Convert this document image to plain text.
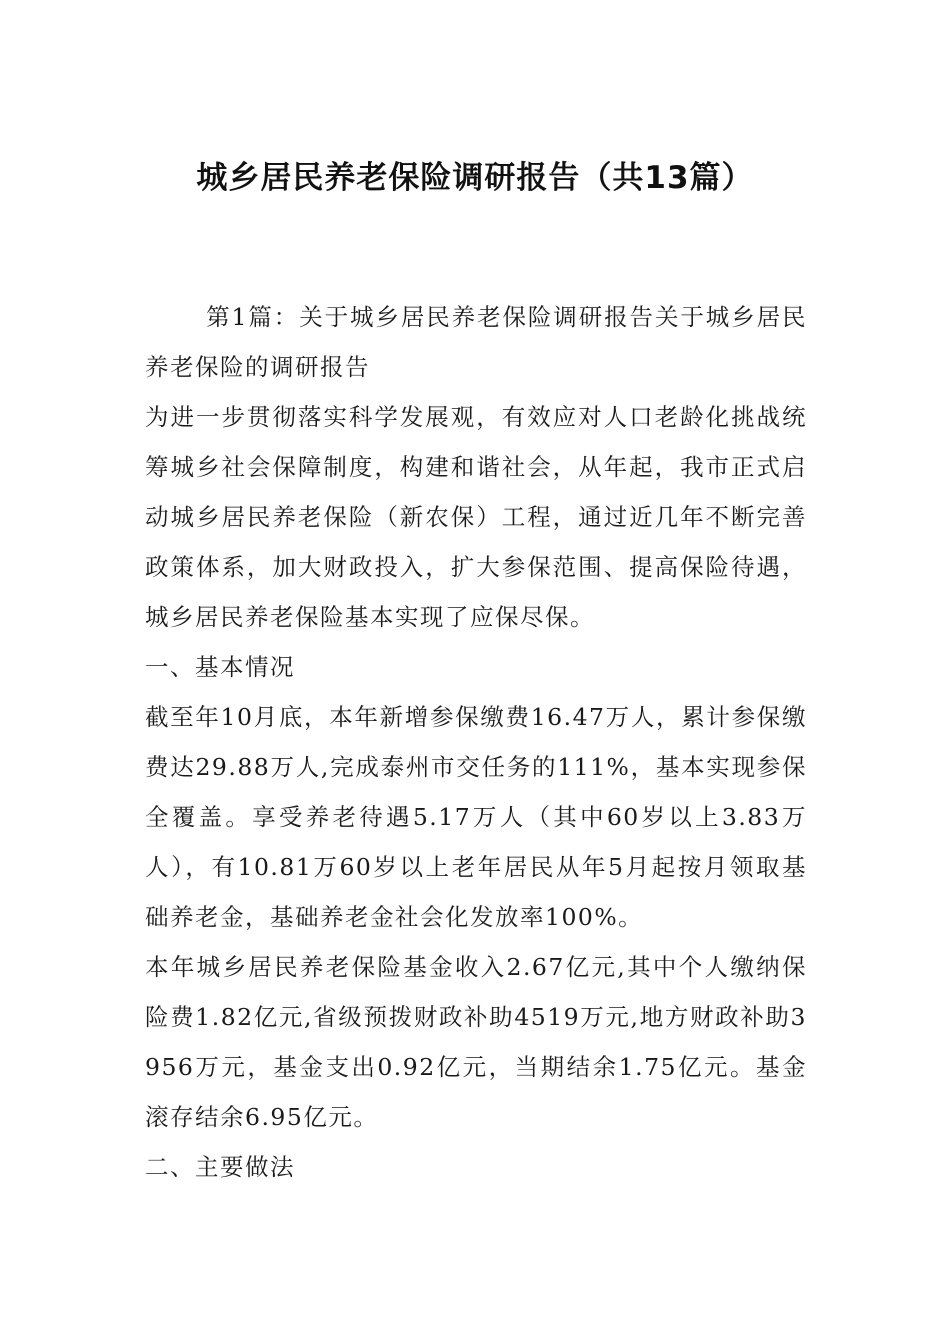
城乡居民养老保险调研报告（共13篇）

第1篇：关于城乡居民养老保险调研报告关于城乡居民养老保险的调研报告

为进一步贯彻落实科学发展观，有效应对人口老龄化挑战统筹城乡社会保障制度，构建和谐社会，从年起，我市正式启动城乡居民养老保险（新农保）工程，通过近几年不断完善政策体系，加大财政投入，扩大参保范围、提高保险待遇，城乡居民养老保险基本实现了应保尽保。

一、基本情况

截至年10月底，本年新增参保缴费16.47万人，累计参保缴费达29.88万人,完成泰州市交任务的111%，基本实现参保全覆盖。享受养老待遇5.17万人（其中60岁以上3.83万人），有10.81万60岁以上老年居民从年5月起按月领取基础养老金，基础养老金社会化发放率100%。

本年城乡居民养老保险基金收入2.67亿元,其中个人缴纳保险费1.82亿元,省级预拨财政补助4519万元,地方财政补助3956万元，基金支出0.92亿元，当期结余1.75亿元。基金滚存结余6.95亿元。

二、主要做法
